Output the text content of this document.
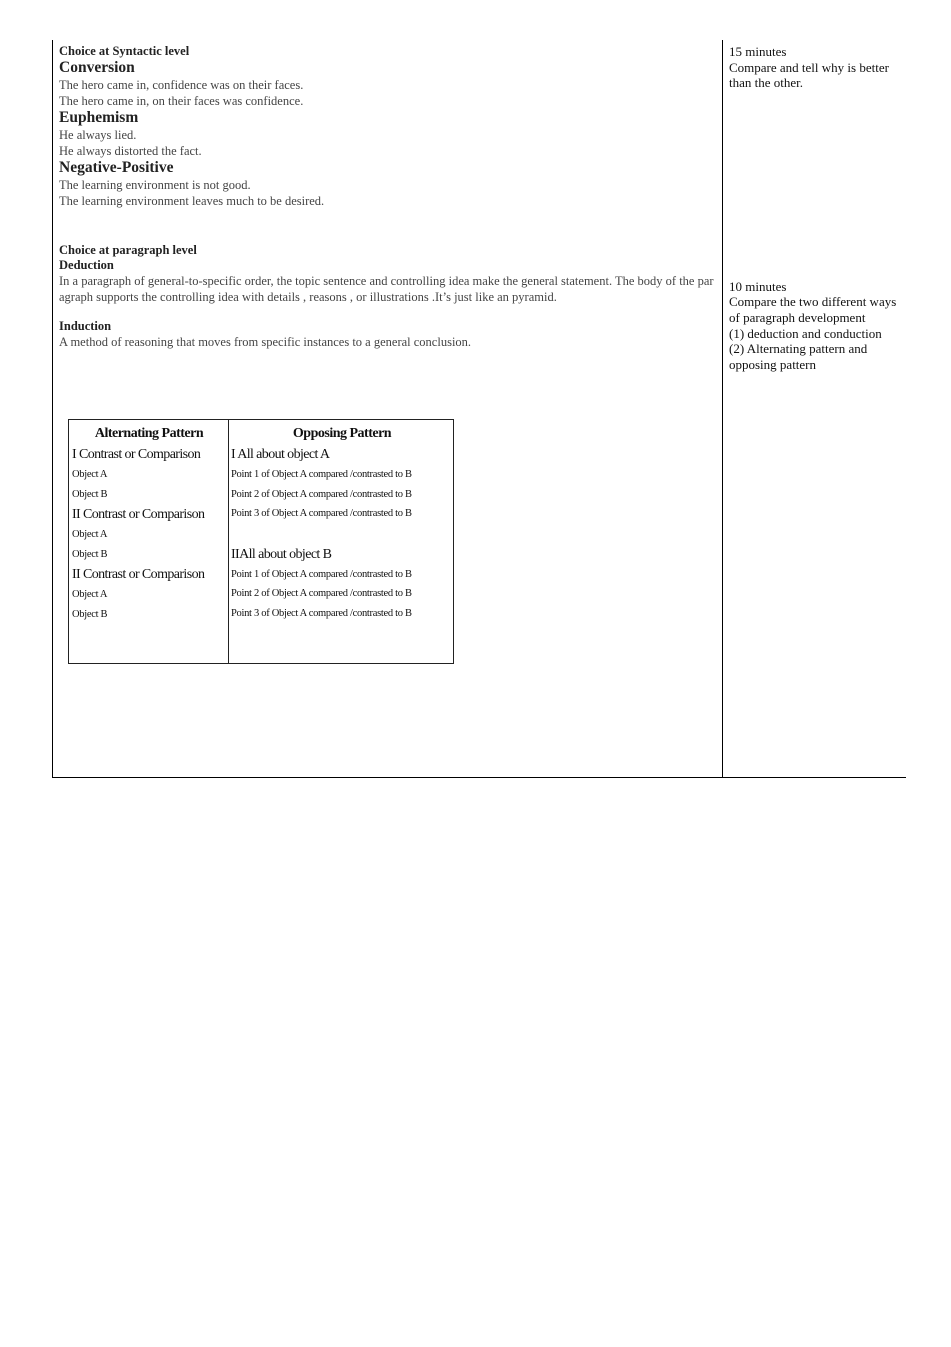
Choice at Syntactic level
Conversion
The hero came in, confidence was on their faces.
The hero came in, on their faces was confidence.
Euphemism
He always lied.
He always distorted the fact.
Negative-Positive
The learning environment is not good.
The learning environment leaves much to be desired.
Choice at paragraph level
Deduction
In a paragraph of general-to-specific order, the topic sentence and controlling idea make the general statement. The body of the paragraph supports the controlling idea with details , reasons , or illustrations .It’s just like an pyramid.
Induction
A method of reasoning that moves from specific instances to a general conclusion.
15 minutes
Compare and tell why is better than the other.
10 minutes
Compare the two different ways of paragraph development
(1) deduction and conduction
(2) Alternating pattern and opposing pattern
Alternating Pattern
I Contrast or Comparison
Object A
Object B
II Contrast or Comparison
Object A
Object B
II Contrast or Comparison
Object A
Object B
Opposing Pattern
I All about object A
Point 1 of Object A compared /contrasted to B
Point 2 of Object A compared /contrasted to B
Point 3 of Object A compared /contrasted to B
IIAll about object B
Point 1 of Object A compared /contrasted to B
Point 2 of Object A compared /contrasted to B
Point 3 of Object A compared /contrasted to B
